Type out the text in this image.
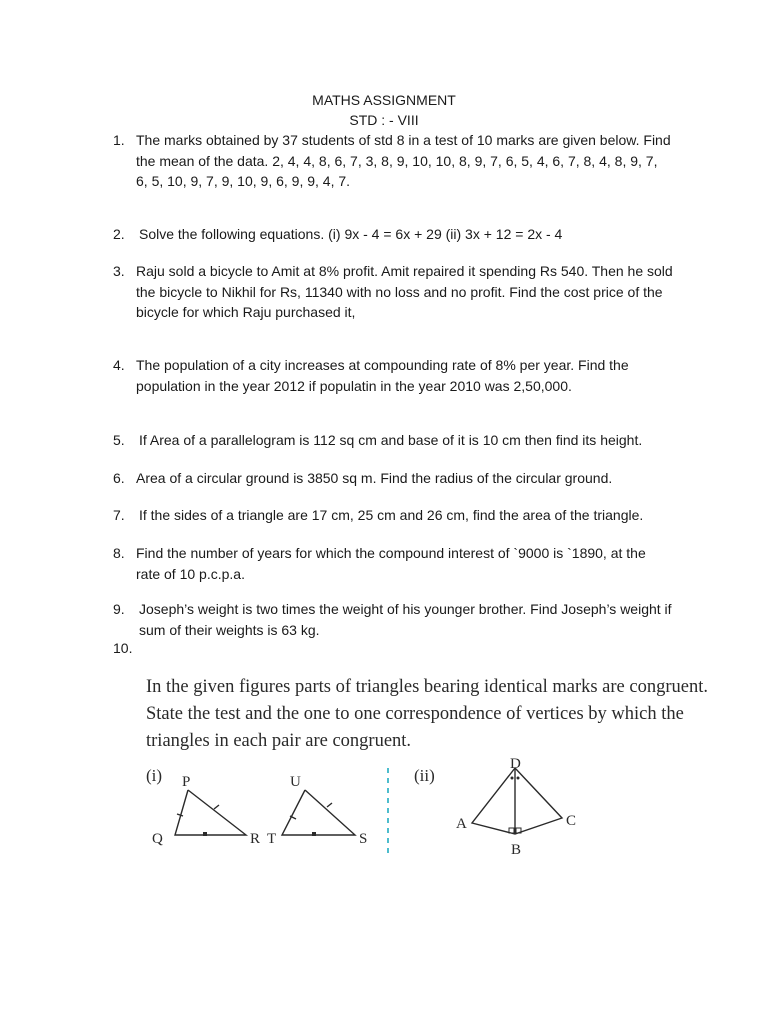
MATHS ASSIGNMENT
STD : - VIII
1. The marks obtained by 37 students of std 8 in a test of 10 marks are given below. Find the mean of the data. 2, 4, 4, 8, 6, 7, 3, 8, 9, 10, 10, 8, 9, 7, 6, 5, 4, 6, 7, 8, 4, 8, 9, 7, 6, 5, 10, 9, 7, 9, 10, 9, 6, 9, 9, 4, 7.
2. Solve the following equations. (i) 9x - 4 = 6x + 29 (ii) 3x + 12 = 2x - 4
3. Raju sold a bicycle to Amit at 8% profit. Amit repaired it spending Rs 540. Then he sold the bicycle to Nikhil for Rs, 11340 with no loss and no profit. Find the cost price of the bicycle for which Raju purchased it,
4. The population of a city increases at compounding rate of 8% per year. Find the population in the year 2012 if populatin in the year 2010 was 2,50,000.
5. If Area of a parallelogram is 112 sq cm and base of it is 10 cm then find its height.
6. Area of a circular ground is 3850 sq m. Find the radius of the circular ground.
7. If the sides of a triangle are 17 cm, 25 cm and 26 cm, find the area of the triangle.
8. Find the number of years for which the compound interest of `9000 is `1890, at the rate of 10 p.c.p.a.
9. Joseph’s weight is two times the weight of his younger brother. Find Joseph’s weight if sum of their weights is 63 kg.
10.
In the given figures parts of triangles bearing identical marks are congruent. State the test and the one to one correspondence of vertices by which the triangles in each pair are congruent.
(i)	(ii)
P
Q	R
U
T	S
D
A
B
C
